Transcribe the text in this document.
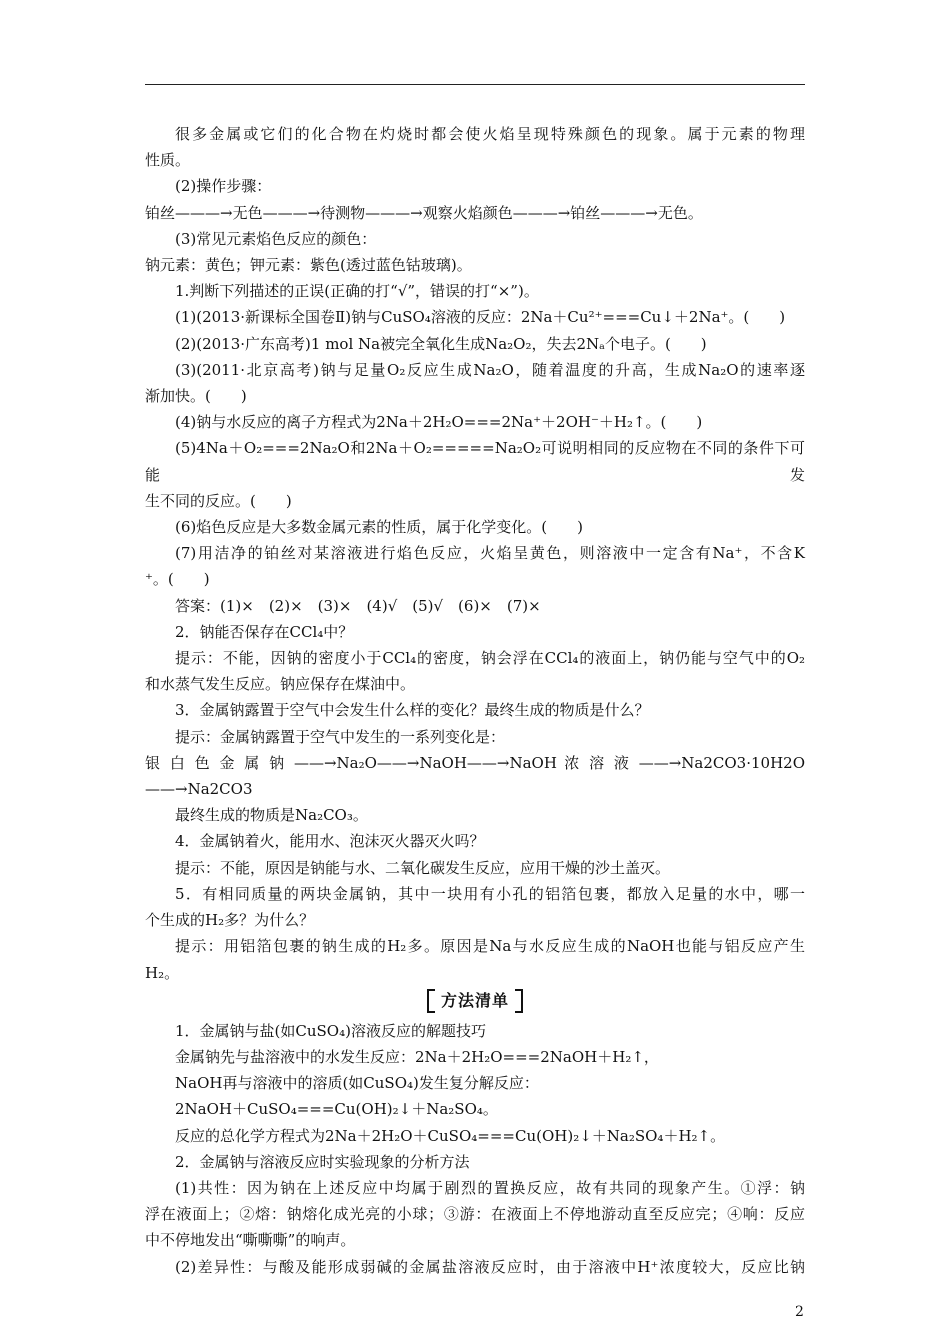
很多金属或它们的化合物在灼烧时都会使火焰呈现特殊颜色的现象。属于元素的物理

性质。

(2)操作步骤：

铂丝———→无色———→待测物———→观察火焰颜色———→铂丝———→无色。

(3)常见元素焰色反应的颜色：

钠元素：黄色；钾元素：紫色(透过蓝色钴玻璃)。

1.判断下列描述的正误(正确的打“√”，错误的打“×”)。

(1)(2013·新课标全国卷Ⅱ)钠与CuSO₄溶液的反应：2Na＋Cu²⁺===Cu↓＋2Na⁺。(　　)

(2)(2013·广东高考)1 mol Na被完全氧化生成Na₂O₂，失去2Nₐ个电子。(　　)

(3)(2011·北京高考)钠与足量O₂反应生成Na₂O，随着温度的升高，生成Na₂O的速率逐

渐加快。(　　)

(4)钠与水反应的离子方程式为2Na＋2H₂O===2Na⁺＋2OH⁻＋H₂↑。(　　)

(5)4Na＋O₂===2Na₂O和2Na＋O₂=====Na₂O₂可说明相同的反应物在不同的条件下可能发

生不同的反应。(　　)

(6)焰色反应是大多数金属元素的性质，属于化学变化。(　　)

(7)用洁净的铂丝对某溶液进行焰色反应，火焰呈黄色，则溶液中一定含有Na⁺，不含K

⁺。(　　)

答案：(1)×　(2)×　(3)×　(4)√　(5)√　(6)×　(7)×

2．钠能否保存在CCl₄中？

提示：不能，因钠的密度小于CCl₄的密度，钠会浮在CCl₄的液面上，钠仍能与空气中的O₂

和水蒸气发生反应。钠应保存在煤油中。

3．金属钠露置于空气中会发生什么样的变化？最终生成的物质是什么？

提示：金属钠露置于空气中发生的一系列变化是：

银 白 色 金 属 钠 ——→Na₂O——→NaOH——→NaOH 浓 溶 液 ——→Na2CO3·10H2O

——→Na2CO3

最终生成的物质是Na₂CO₃。

4．金属钠着火，能用水、泡沫灭火器灭火吗？

提示：不能，原因是钠能与水、二氧化碳发生反应，应用干燥的沙土盖灭。

5．有相同质量的两块金属钠，其中一块用有小孔的铝箔包裹，都放入足量的水中，哪一

个生成的H₂多？为什么？

提示：用铝箔包裹的钠生成的H₂多。原因是Na与水反应生成的NaOH也能与铝反应产生

H₂。

方法清单

1．金属钠与盐(如CuSO₄)溶液反应的解题技巧

金属钠先与盐溶液中的水发生反应：2Na＋2H₂O===2NaOH＋H₂↑，

NaOH再与溶液中的溶质(如CuSO₄)发生复分解反应：

2NaOH＋CuSO₄===Cu(OH)₂↓＋Na₂SO₄。

反应的总化学方程式为2Na＋2H₂O＋CuSO₄===Cu(OH)₂↓＋Na₂SO₄＋H₂↑。

2．金属钠与溶液反应时实验现象的分析方法

(1)共性：因为钠在上述反应中均属于剧烈的置换反应，故有共同的现象产生。①浮：钠

浮在液面上；②熔：钠熔化成光亮的小球；③游：在液面上不停地游动直至反应完；④响：反应

中不停地发出“嘶嘶嘶”的响声。

(2)差异性：与酸及能形成弱碱的金属盐溶液反应时，由于溶液中H⁺浓度较大，反应比钠

2
